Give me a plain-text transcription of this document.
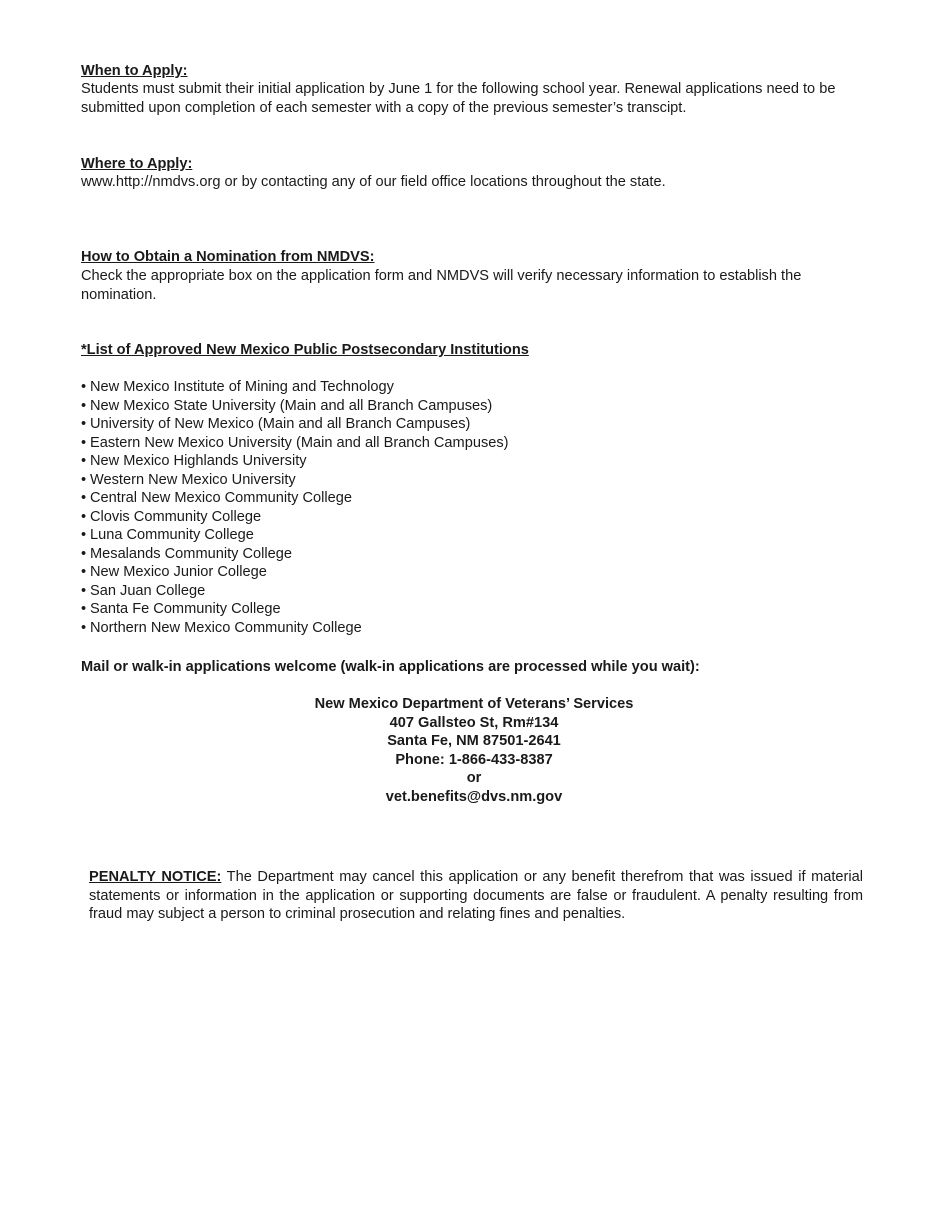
When to Apply:

Students must submit their initial application by June 1 for the following school year. Renewal applications need to be submitted upon completion of each semester with a copy of the previous semester’s transcipt.

Where to Apply:

www.http://nmdvs.org or by contacting any of our field office locations throughout the state.

How to Obtain a Nomination from NMDVS:

Check the appropriate box on the application form and NMDVS will verify necessary information to establish the nomination.

*List of Approved New Mexico Public Postsecondary Institutions

• New Mexico Institute of Mining and Technology
• New Mexico State University (Main and all Branch Campuses)
• University of New Mexico (Main and all Branch Campuses)
• Eastern New Mexico University (Main and all Branch Campuses)
• New Mexico Highlands University
• Western New Mexico University
• Central New Mexico Community College
• Clovis Community College
• Luna Community College
• Mesalands Community College
• New Mexico Junior College
• San Juan College
• Santa Fe Community College
• Northern New Mexico Community College

Mail or walk-in applications welcome (walk-in applications are processed while you wait):

New Mexico Department of Veterans’ Services
407 Gallsteo St, Rm#134
Santa Fe, NM 87501-2641
Phone: 1-866-433-8387
or
vet.benefits@dvs.nm.gov

PENALTY NOTICE: The Department may cancel this application or any benefit therefrom that was issued if material statements or information in the application or supporting documents are false or fraudulent. A penalty resulting from fraud may subject a person to criminal prosecution and relating fines and penalties.
